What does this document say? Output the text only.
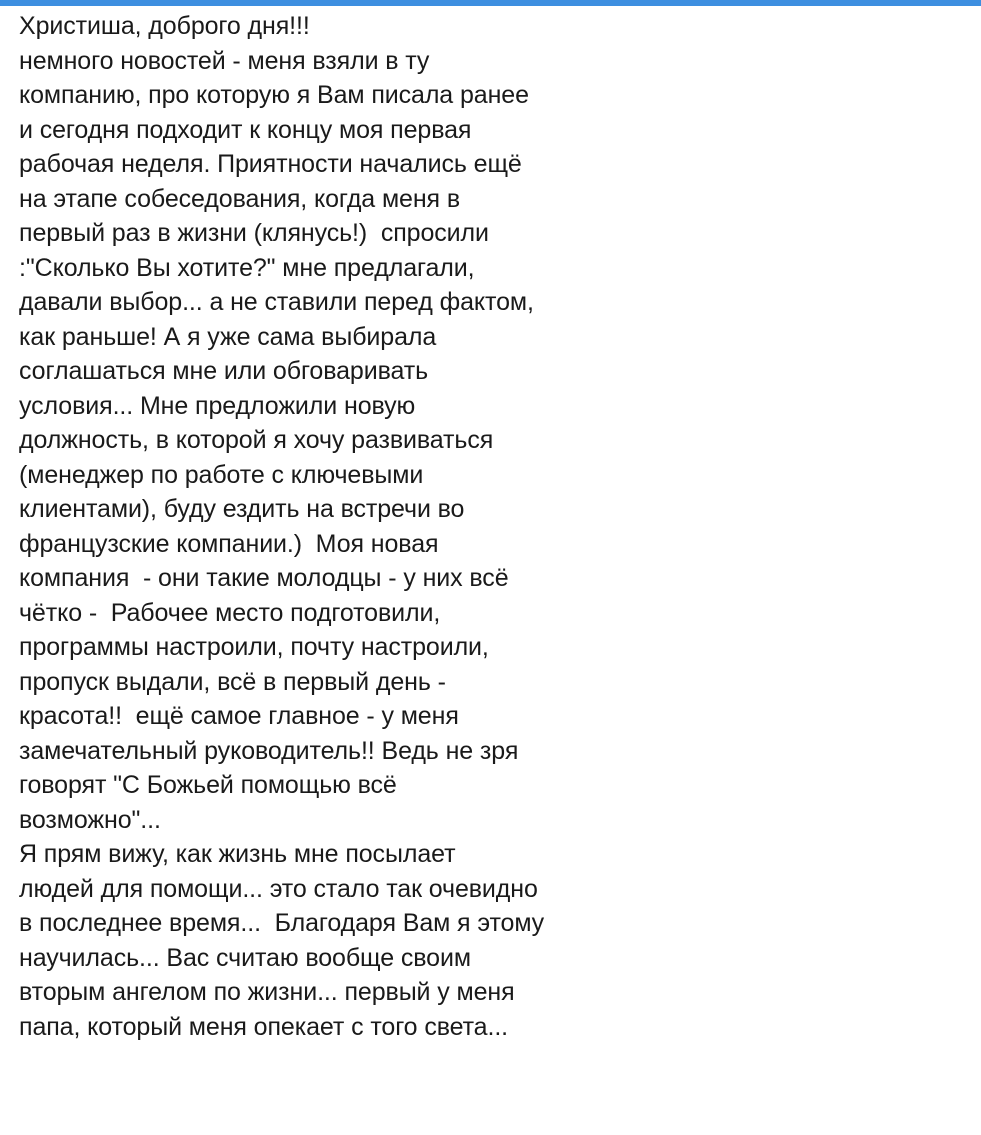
Христиша, доброго дня!!!
немного новостей - меня взяли в ту
компанию, про которую я Вам писала ранее
и сегодня подходит к концу моя первая
рабочая неделя. Приятности начались ещё
на этапе собеседования, когда меня в
первый раз в жизни (клянусь!)  спросили
:"Сколько Вы хотите?" мне предлагали,
давали выбор... а не ставили перед фактом,
как раньше! А я уже сама выбирала
соглашаться мне или обговаривать
условия... Мне предложили новую
должность, в которой я хочу развиваться
(менеджер по работе с ключевыми
клиентами), буду ездить на встречи во
французские компании.)  Моя новая
компания  - они такие молодцы - у них всё
чётко -  Рабочее место подготовили,
программы настроили, почту настроили,
пропуск выдали, всё в первый день -
красота!!  ещё самое главное - у меня
замечательный руководитель!! Ведь не зря
говорят "С Божьей помощью всё
возможно"...
Я прям вижу, как жизнь мне посылает
людей для помощи... это стало так очевидно
в последнее время...  Благодаря Вам я этому
научилась... Вас считаю вообще своим
вторым ангелом по жизни... первый у меня
папа, который меня опекает с того света...
